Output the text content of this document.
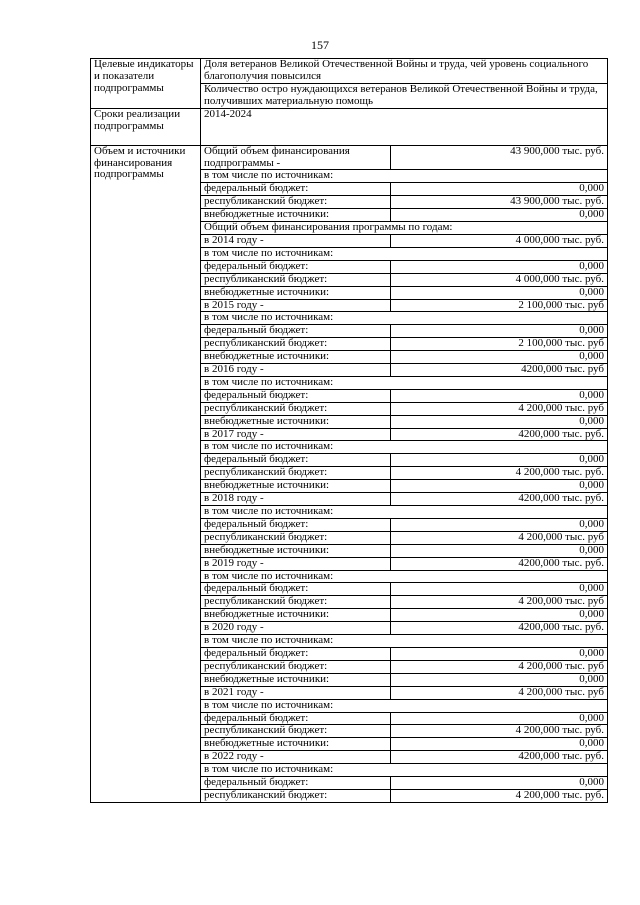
157
Целевые индикаторы и показатели подпрограммы	Доля ветеранов Великой Отечественной Войны и труда, чей уровень социального благополучия повысился	
	Количество остро нуждающихся ветеранов Великой Отечественной Войны и труда, получивших материальную помощь	
Сроки реализации подпрограммы	2014-2024	
Объем и источники финансирования подпрограммы	Общий объем финансирования подпрограммы -	43 900,000 тыс. руб.
	в том числе по источникам:	
	федеральный бюджет:	0,000
	республиканский бюджет:	43 900,000 тыс. руб.
	внебюджетные источники:	0,000
	Общий объем финансирования программы по годам:	
	в 2014 году -	4 000,000 тыс. руб.
	в том числе по источникам:	
	федеральный бюджет:	0,000
	республиканский бюджет:	4 000,000 тыс. руб.
	внебюджетные источники:	0,000
	в 2015 году -	2 100,000 тыс. руб
	в том числе по источникам:	
	федеральный бюджет:	0,000
	республиканский бюджет:	2 100,000 тыс. руб
	внебюджетные источники:	0,000
	в 2016 году -	4200,000 тыс. руб
	в том числе по источникам:	
	федеральный бюджет:	0,000
	республиканский бюджет:	4 200,000 тыс. руб
	внебюджетные источники:	0,000
	в 2017 году -	4200,000 тыс. руб.
	в том числе по источникам:	
	федеральный бюджет:	0,000
	республиканский бюджет:	4 200,000 тыс. руб.
	внебюджетные источники:	0,000
	в 2018 году -	4200,000 тыс. руб.
	в том числе по источникам:	
	федеральный бюджет:	0,000
	республиканский бюджет:	4 200,000 тыс. руб
	внебюджетные источники:	0,000
	в 2019 году -	4200,000 тыс. руб.
	в том числе по источникам:	
	федеральный бюджет:	0,000
	республиканский бюджет:	4 200,000 тыс. руб
	внебюджетные источники:	0,000
	в 2020 году -	4200,000 тыс. руб.
	в том числе по источникам:	
	федеральный бюджет:	0,000
	республиканский бюджет:	4 200,000 тыс. руб
	внебюджетные источники:	0,000
	в 2021 году -	4 200,000 тыс. руб
	в том числе по источникам:	
	федеральный бюджет:	0,000
	республиканский бюджет:	4 200,000 тыс. руб.
	внебюджетные источники:	0,000
	в 2022 году -	4200,000 тыс. руб.
	в том числе по источникам:	
	федеральный бюджет:	0,000
	республиканский бюджет:	4 200,000 тыс. руб.
